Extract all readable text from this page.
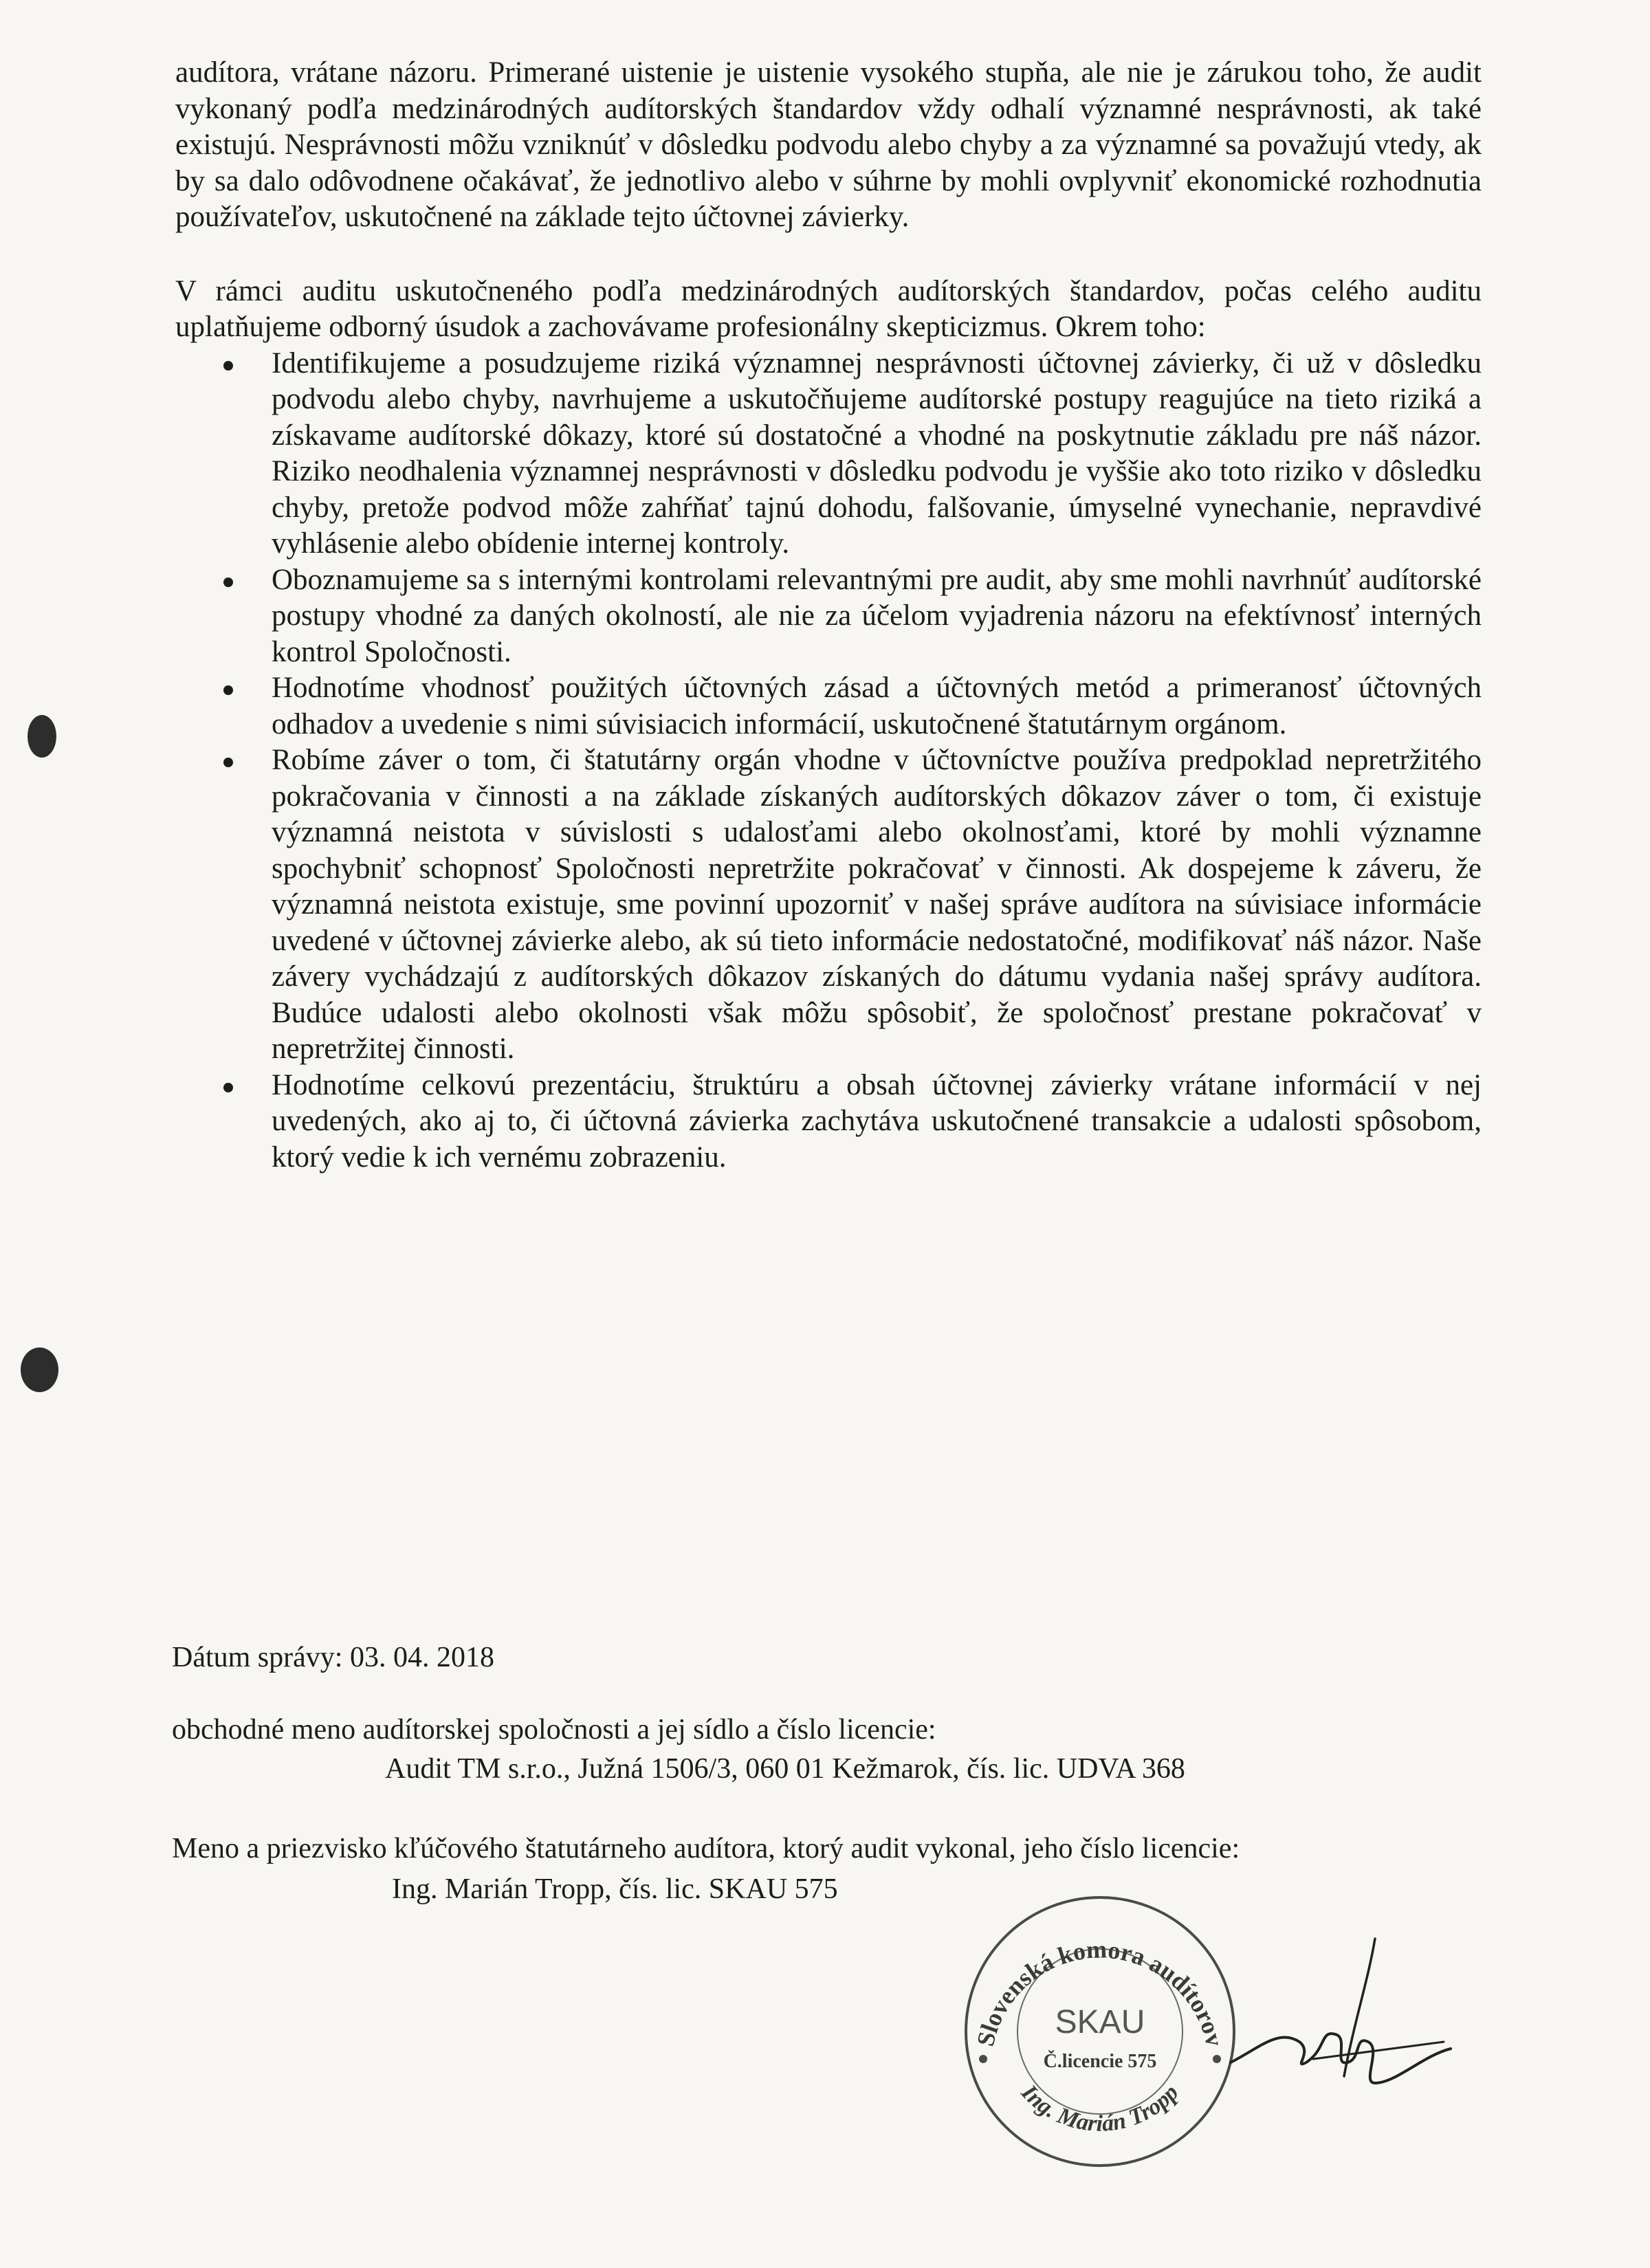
audítora, vrátane názoru. Primerané uistenie je uistenie vysokého stupňa, ale nie je zárukou toho, že audit vykonaný podľa medzinárodných audítorských štandardov vždy odhalí významné nesprávnosti, ak také existujú. Nesprávnosti môžu vzniknúť v dôsledku podvodu alebo chyby a za významné sa považujú vtedy, ak by sa dalo odôvodnene očakávať, že jednotlivo alebo v súhrne by mohli ovplyvniť ekonomické rozhodnutia používateľov, uskutočnené na základe tejto účtovnej závierky.

V rámci auditu uskutočneného podľa medzinárodných audítorských štandardov, počas celého auditu uplatňujeme odborný úsudok a zachovávame profesionálny skepticizmus. Okrem toho:

Identifikujeme a posudzujeme riziká významnej nesprávnosti účtovnej závierky, či už v dôsledku podvodu alebo chyby, navrhujeme a uskutočňujeme audítorské postupy reagujúce na tieto riziká a získavame audítorské dôkazy, ktoré sú dostatočné a vhodné na poskytnutie základu pre náš názor. Riziko neodhalenia významnej nesprávnosti v dôsledku podvodu je vyššie ako toto riziko v dôsledku chyby, pretože podvod môže zahŕňať tajnú dohodu, falšovanie, úmyselné vynechanie, nepravdivé vyhlásenie alebo obídenie internej kontroly.
Oboznamujeme sa s internými kontrolami relevantnými pre audit, aby sme mohli navrhnúť audítorské postupy vhodné za daných okolností, ale nie za účelom vyjadrenia názoru na efektívnosť interných kontrol Spoločnosti.
Hodnotíme vhodnosť použitých účtovných zásad a účtovných metód a primeranosť účtovných odhadov a uvedenie s nimi súvisiacich informácií, uskutočnené štatutárnym orgánom.
Robíme záver o tom, či štatutárny orgán vhodne v účtovníctve používa predpoklad nepretržitého pokračovania v činnosti a na základe získaných audítorských dôkazov záver o tom, či existuje významná neistota v súvislosti s udalosťami alebo okolnosťami, ktoré by mohli významne spochybniť schopnosť Spoločnosti nepretržite pokračovať v činnosti. Ak dospejeme k záveru, že významná neistota existuje, sme povinní upozorniť v našej správe audítora na súvisiace informácie uvedené v účtovnej závierke alebo, ak sú tieto informácie nedostatočné, modifikovať náš názor. Naše závery vychádzajú z audítorských dôkazov získaných do dátumu vydania našej správy audítora. Budúce udalosti alebo okolnosti však môžu spôsobiť, že spoločnosť prestane pokračovať v nepretržitej činnosti.
Hodnotíme celkovú prezentáciu, štruktúru a obsah účtovnej závierky vrátane informácií v nej uvedených, ako aj to, či účtovná závierka zachytáva uskutočnené transakcie a udalosti spôsobom, ktorý vedie k ich vernému zobrazeniu.
Dátum správy: 03. 04. 2018
obchodné meno audítorskej spoločnosti a jej sídlo a číslo licencie:
Audit TM s.r.o., Južná 1506/3, 060 01 Kežmarok, čís. lic. UDVA 368
Meno a priezvisko kľúčového štatutárneho audítora, ktorý audit vykonal, jeho číslo licencie:
Ing. Marián Tropp, čís. lic. SKAU 575
Slovenská komora audítorov
Ing. Marián Tropp
SKAU
Č.licencie 575
